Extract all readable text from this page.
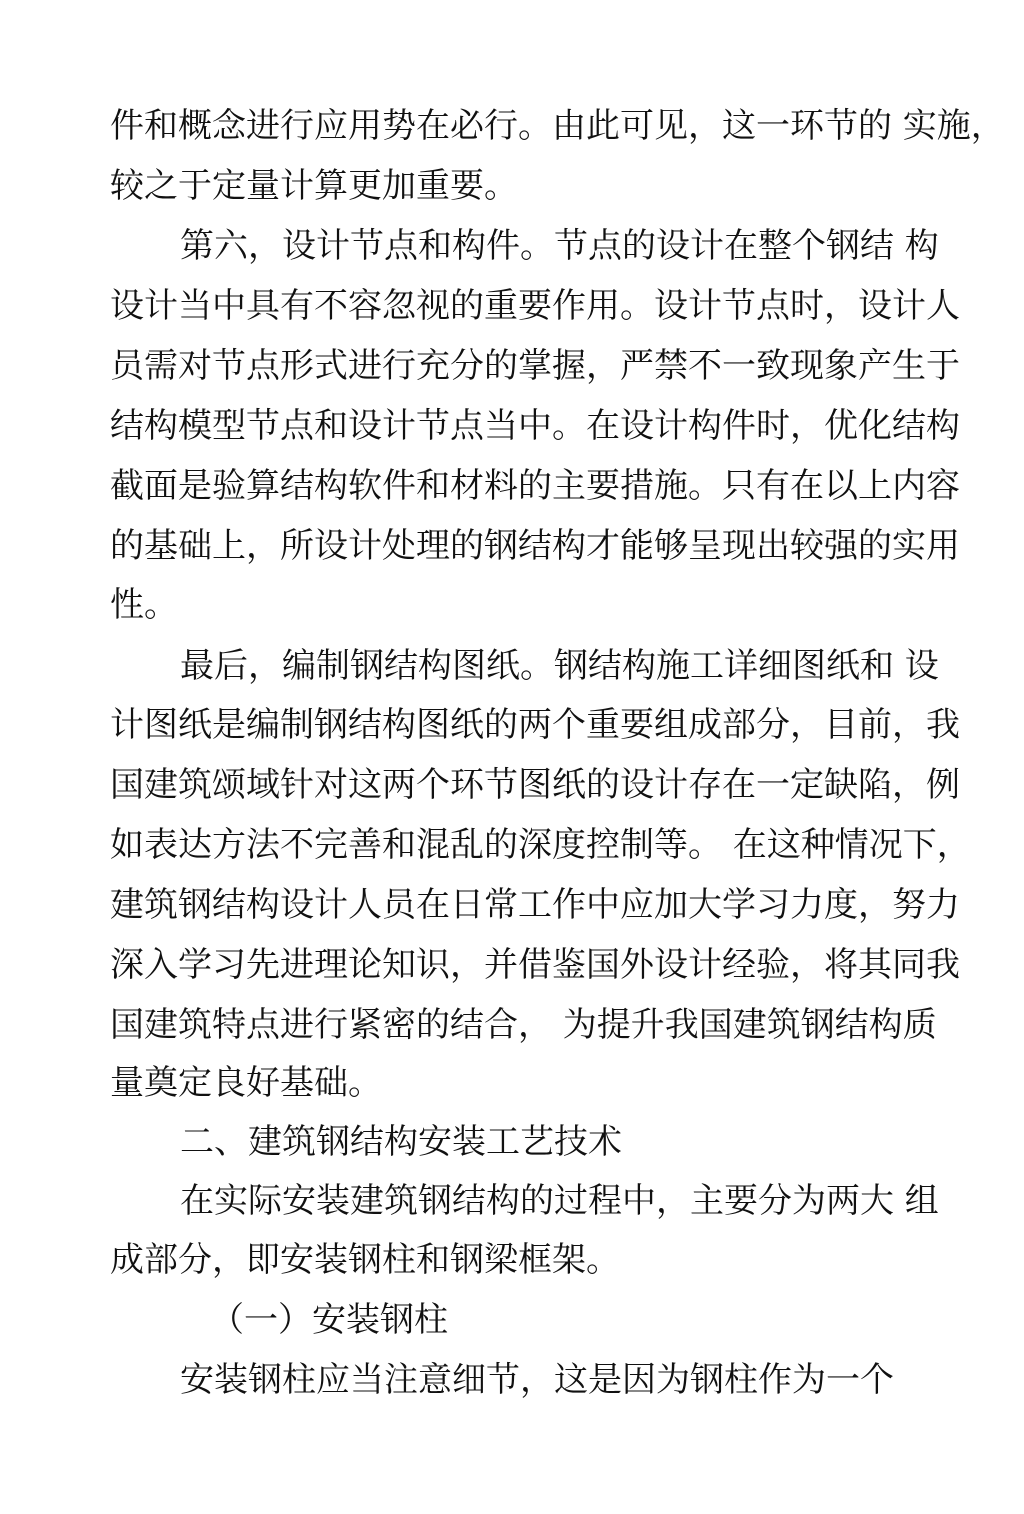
件和概念进行应用势在必行。由此可见，这一环节的 实施，
较之于定量计算更加重要。
第六，设计节点和构件。节点的设计在整个钢结 构
设计当中具有不容忽视的重要作用。设计节点时，设计人
员需对节点形式进行充分的掌握，严禁不一致现象产生于
结构模型节点和设计节点当中。在设计构件时，优化结构
截面是验算结构软件和材料的主要措施。只有在以上内容
的基础上，所设计处理的钢结构才能够呈现出较强的实用
性。
最后，编制钢结构图纸。钢结构施工详细图纸和 设
计图纸是编制钢结构图纸的两个重要组成部分，目前，我
国建筑颂域针对这两个环节图纸的设计存在一定缺陷，例
如表达方法不完善和混乱的深度控制等。 在这种情况下，
建筑钢结构设计人员在日常工作中应加大学习力度，努力
深入学习先进理论知识，并借鉴国外设计经验，将其同我
国建筑特点进行紧密的结合， 为提升我国建筑钢结构质
量奠定良好基础。
二、建筑钢结构安装工艺技术
在实际安装建筑钢结构的过程中，主要分为两大 组
成部分，即安装钢柱和钢梁框架。
（一）安装钢柱
安装钢柱应当注意细节，这是因为钢柱作为一个
